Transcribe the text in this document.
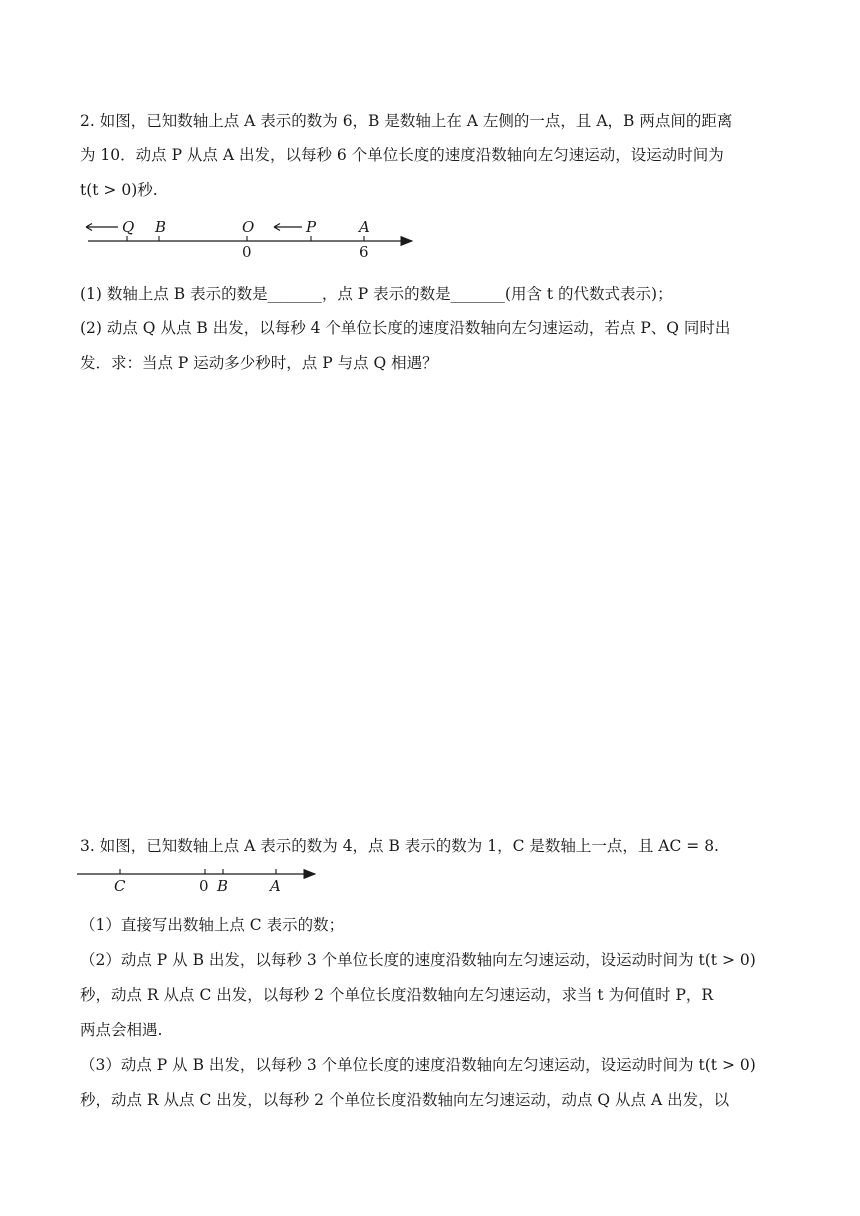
2. 如图，已知数轴上点 A 表示的数为 6，B 是数轴上在 A 左侧的一点，且 A，B 两点间的距离
为 10．动点 P 从点 A 出发，以每秒 6 个单位长度的速度沿数轴向左匀速运动，设运动时间为
t(t > 0)秒.
Q B	O	P	A
0	6
(1) 数轴上点 B 表示的数是_______，点 P 表示的数是_______(用含 t 的代数式表示)；
(2) 动点 Q 从点 B 出发，以每秒 4 个单位长度的速度沿数轴向左匀速运动，若点 P、Q 同时出
发．求：当点 P 运动多少秒时，点 P 与点 Q 相遇？
3. 如图，已知数轴上点 A 表示的数为 4，点 B 表示的数为 1，C 是数轴上一点，且 AC = 8.
C	0 B	A
（1）直接写出数轴上点 C 表示的数；
（2）动点 P 从 B 出发，以每秒 3 个单位长度的速度沿数轴向左匀速运动，设运动时间为 t(t > 0)
秒，动点 R 从点 C 出发，以每秒 2 个单位长度沿数轴向左匀速运动，求当 t 为何值时 P，R
两点会相遇.
（3）动点 P 从 B 出发，以每秒 3 个单位长度的速度沿数轴向左匀速运动，设运动时间为 t(t > 0)
秒，动点 R 从点 C 出发，以每秒 2 个单位长度沿数轴向左匀速运动，动点 Q 从点 A 出发，以
